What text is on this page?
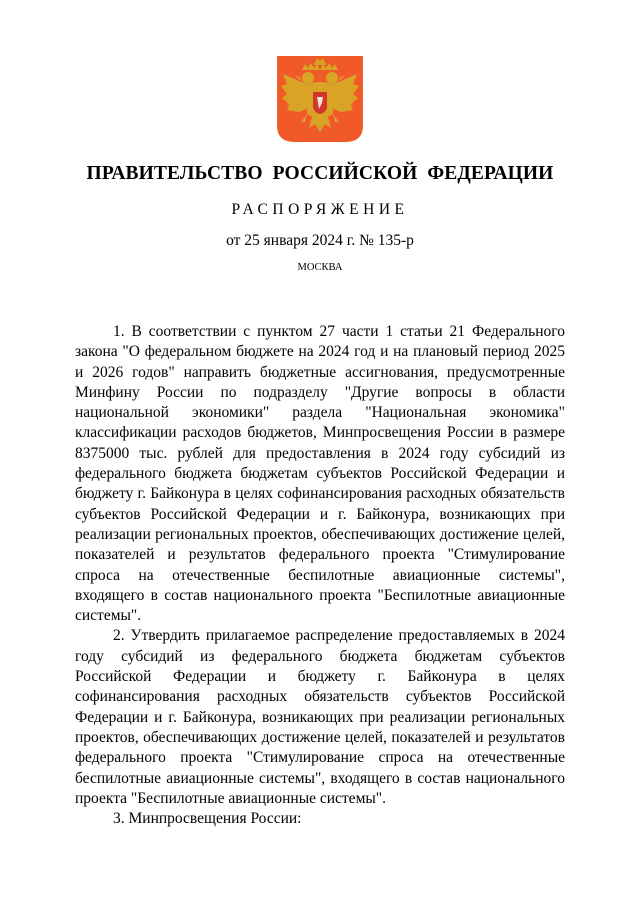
ПРАВИТЕЛЬСТВО РОССИЙСКОЙ ФЕДЕРАЦИИ
РАСПОРЯЖЕНИЕ
от 25 января 2024 г. № 135-р
МОСКВА

1. В соответствии с пунктом 27 части 1 статьи 21 Федерального закона "О федеральном бюджете на 2024 год и на плановый период 2025 и 2026 годов" направить бюджетные ассигнования, предусмотренные Минфину России по подразделу "Другие вопросы в области национальной экономики" раздела "Национальная экономика" классификации расходов бюджетов, Минпросвещения России в размере 8375000 тыс. рублей для предоставления в 2024 году субсидий из федерального бюджета бюджетам субъектов Российской Федерации и бюджету г. Байконура в целях софинансирования расходных обязательств субъектов Российской Федерации и г. Байконура, возникающих при реализации региональных проектов, обеспечивающих достижение целей, показателей и результатов федерального проекта "Стимулирование спроса на отечественные беспилотные авиационные системы", входящего в состав национального проекта "Беспилотные авиационные системы".

2. Утвердить прилагаемое распределение предоставляемых в 2024 году субсидий из федерального бюджета бюджетам субъектов Российской Федерации и бюджету г. Байконура в целях софинансирования расходных обязательств субъектов Российской Федерации и г. Байконура, возникающих при реализации региональных проектов, обеспечивающих достижение целей, показателей и результатов федерального проекта "Стимулирование спроса на отечественные беспилотные авиационные системы", входящего в состав национального проекта "Беспилотные авиационные системы".

3. Минпросвещения России:
